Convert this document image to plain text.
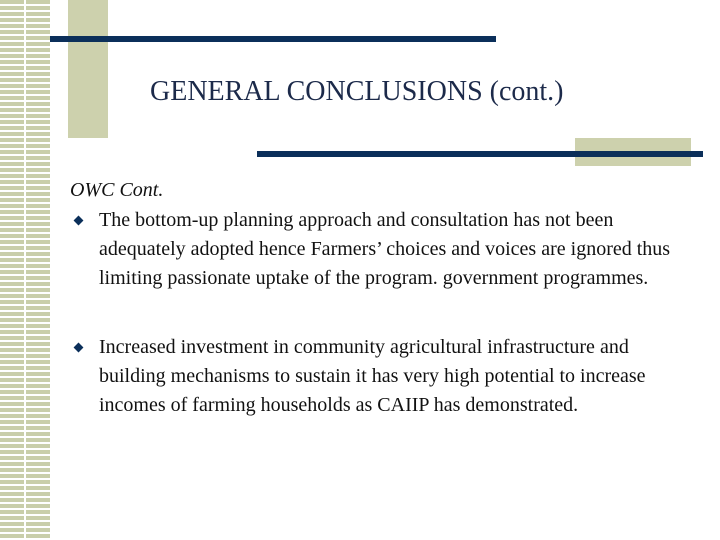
GENERAL CONCLUSIONS (cont.)

OWC Cont.

The bottom-up planning approach and consultation has not been adequately adopted hence Farmers’ choices and voices are ignored thus limiting passionate uptake of the program. government programmes.

Increased investment in community agricultural infrastructure and building mechanisms to sustain it has very high potential to increase incomes of farming households as CAIIP has demonstrated.
